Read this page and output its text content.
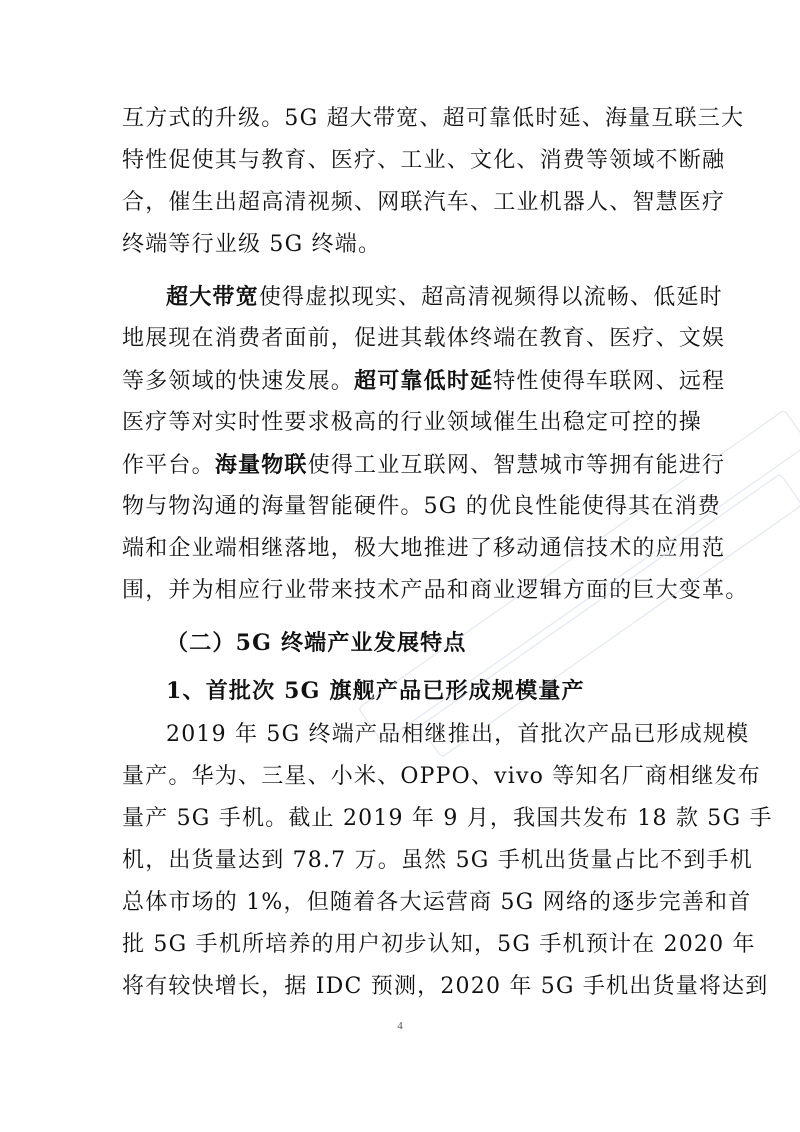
互方式的升级。5G 超大带宽、超可靠低时延、海量互联三大
特性促使其与教育、医疗、工业、文化、消费等领域不断融
合，催生出超高清视频、网联汽车、工业机器人、智慧医疗
终端等行业级 5G 终端。
超大带宽使得虚拟现实、超高清视频得以流畅、低延时
地展现在消费者面前，促进其载体终端在教育、医疗、文娱
等多领域的快速发展。超可靠低时延特性使得车联网、远程
医疗等对实时性要求极高的行业领域催生出稳定可控的操
作平台。海量物联使得工业互联网、智慧城市等拥有能进行
物与物沟通的海量智能硬件。5G 的优良性能使得其在消费
端和企业端相继落地，极大地推进了移动通信技术的应用范
围，并为相应行业带来技术产品和商业逻辑方面的巨大变革。
（二）5G 终端产业发展特点
1、首批次 5G 旗舰产品已形成规模量产
2019 年 5G 终端产品相继推出，首批次产品已形成规模
量产。华为、三星、小米、OPPO、vivo 等知名厂商相继发布
量产 5G 手机。截止 2019 年 9 月，我国共发布 18 款 5G 手
机，出货量达到 78.7 万。虽然 5G 手机出货量占比不到手机
总体市场的 1%，但随着各大运营商 5G 网络的逐步完善和首
批 5G 手机所培养的用户初步认知，5G 手机预计在 2020 年
将有较快增长，据 IDC 预测，2020 年 5G 手机出货量将达到
4
